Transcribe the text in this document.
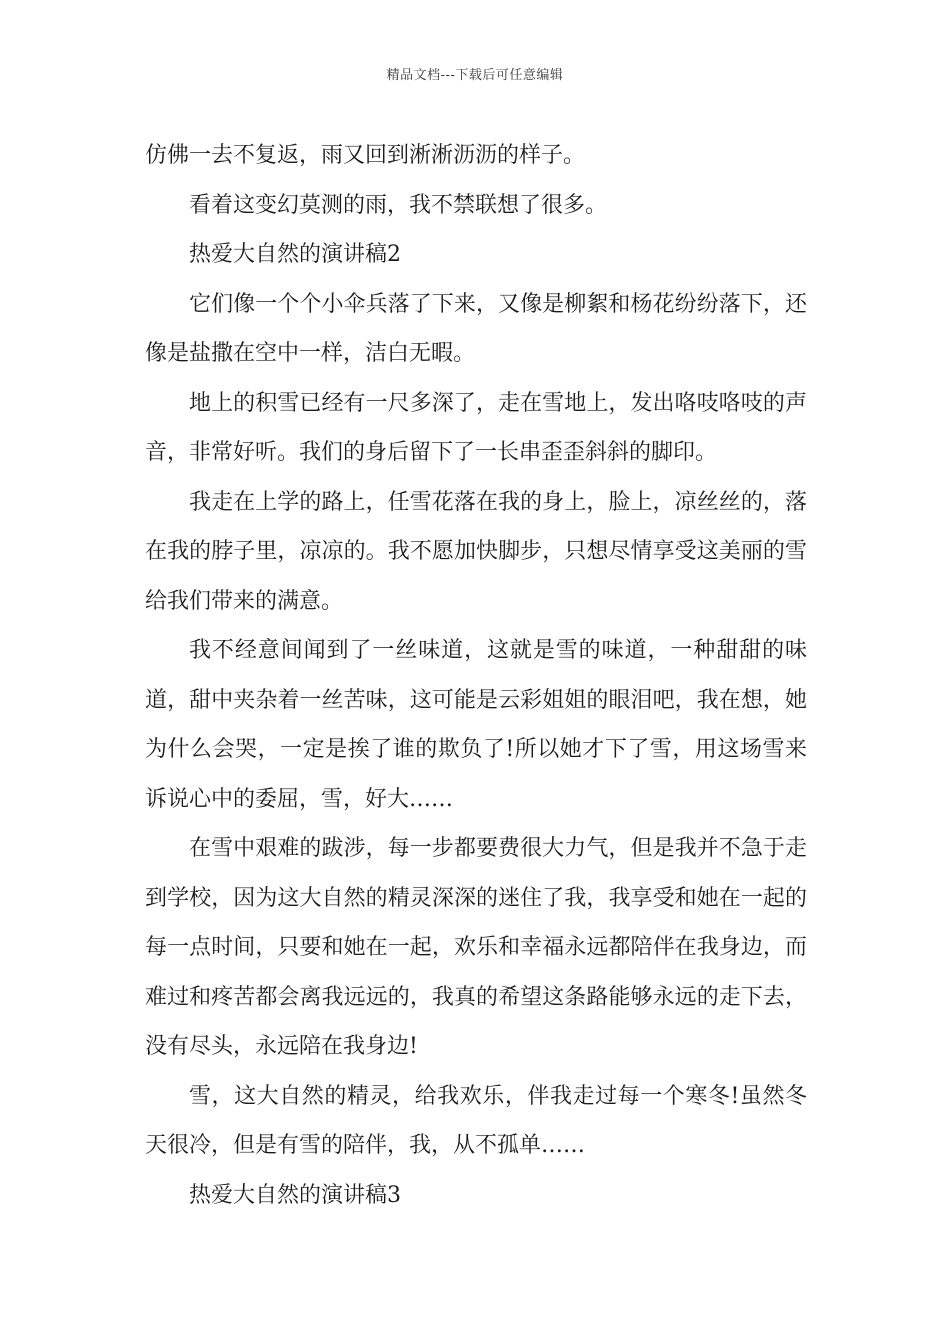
精品文档---下载后可任意编辑

仿佛一去不复返，雨又回到淅淅沥沥的样子。

看着这变幻莫测的雨，我不禁联想了很多。

热爱大自然的演讲稿2

它们像一个个小伞兵落了下来，又像是柳絮和杨花纷纷落下，还像是盐撒在空中一样，洁白无暇。

地上的积雪已经有一尺多深了，走在雪地上，发出咯吱咯吱的声音，非常好听。我们的身后留下了一长串歪歪斜斜的脚印。

我走在上学的路上，任雪花落在我的身上，脸上，凉丝丝的，落在我的脖子里，凉凉的。我不愿加快脚步，只想尽情享受这美丽的雪给我们带来的满意。

我不经意间闻到了一丝味道，这就是雪的味道，一种甜甜的味道，甜中夹杂着一丝苦味，这可能是云彩姐姐的眼泪吧，我在想，她为什么会哭，一定是挨了谁的欺负了!所以她才下了雪，用这场雪来诉说心中的委屈，雪，好大……

在雪中艰难的跋涉，每一步都要费很大力气，但是我并不急于走到学校，因为这大自然的精灵深深的迷住了我，我享受和她在一起的每一点时间，只要和她在一起，欢乐和幸福永远都陪伴在我身边，而难过和疼苦都会离我远远的，我真的希望这条路能够永远的走下去，没有尽头，永远陪在我身边!

雪，这大自然的精灵，给我欢乐，伴我走过每一个寒冬!虽然冬天很冷，但是有雪的陪伴，我，从不孤单……

热爱大自然的演讲稿3
